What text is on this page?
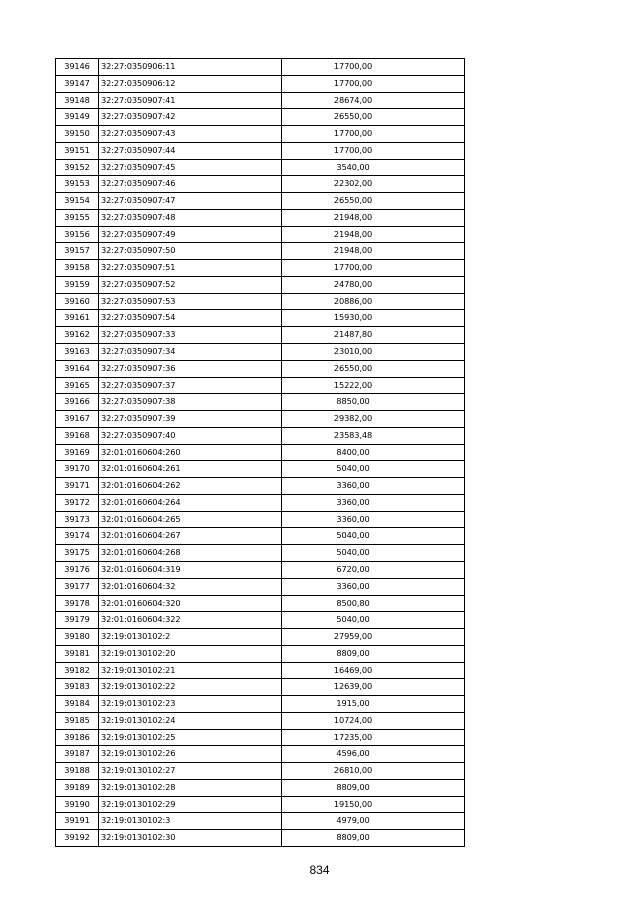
39146	32:27:0350906:11	17700,00
39147	32:27:0350906:12	17700,00
39148	32:27:0350907:41	28674,00
39149	32:27:0350907:42	26550,00
39150	32:27:0350907:43	17700,00
39151	32:27:0350907:44	17700,00
39152	32:27:0350907:45	3540,00
39153	32:27:0350907:46	22302,00
39154	32:27:0350907:47	26550,00
39155	32:27:0350907:48	21948,00
39156	32:27:0350907:49	21948,00
39157	32:27:0350907:50	21948,00
39158	32:27:0350907:51	17700,00
39159	32:27:0350907:52	24780,00
39160	32:27:0350907:53	20886,00
39161	32:27:0350907:54	15930,00
39162	32:27:0350907:33	21487,80
39163	32:27:0350907:34	23010,00
39164	32:27:0350907:36	26550,00
39165	32:27:0350907:37	15222,00
39166	32:27:0350907:38	8850,00
39167	32:27:0350907:39	29382,00
39168	32:27:0350907:40	23583,48
39169	32:01:0160604:260	8400,00
39170	32:01:0160604:261	5040,00
39171	32:01:0160604:262	3360,00
39172	32:01:0160604:264	3360,00
39173	32:01:0160604:265	3360,00
39174	32:01:0160604:267	5040,00
39175	32:01:0160604:268	5040,00
39176	32:01:0160604:319	6720,00
39177	32:01:0160604:32	3360,00
39178	32:01:0160604:320	8500,80
39179	32:01:0160604:322	5040,00
39180	32:19:0130102:2	27959,00
39181	32:19:0130102:20	8809,00
39182	32:19:0130102:21	16469,00
39183	32:19:0130102:22	12639,00
39184	32:19:0130102:23	1915,00
39185	32:19:0130102:24	10724,00
39186	32:19:0130102:25	17235,00
39187	32:19:0130102:26	4596,00
39188	32:19:0130102:27	26810,00
39189	32:19:0130102:28	8809,00
39190	32:19:0130102:29	19150,00
39191	32:19:0130102:3	4979,00
39192	32:19:0130102:30	8809,00
834
